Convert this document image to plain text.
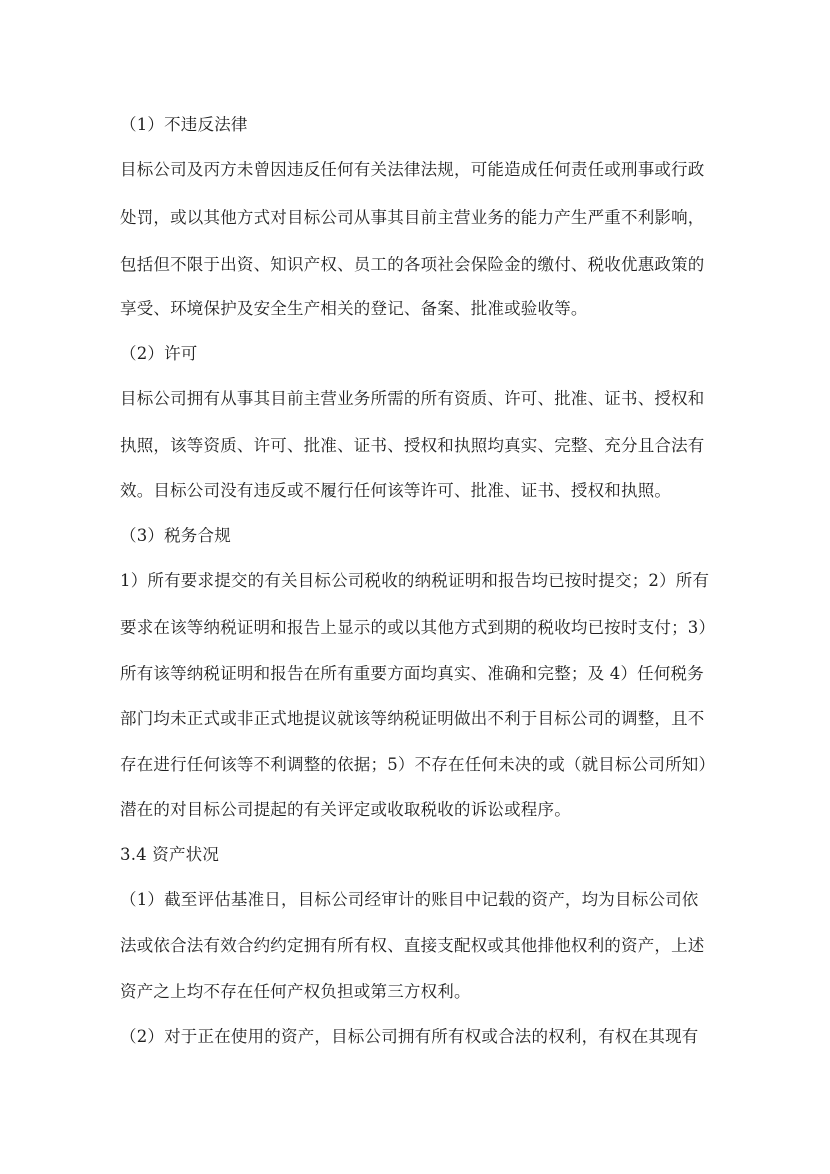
（1）不违反法律
目标公司及丙方未曾因违反任何有关法律法规，可能造成任何责任或刑事或行政
处罚，或以其他方式对目标公司从事其目前主营业务的能力产生严重不利影响，
包括但不限于出资、知识产权、员工的各项社会保险金的缴付、税收优惠政策的
享受、环境保护及安全生产相关的登记、备案、批准或验收等。
（2）许可
目标公司拥有从事其目前主营业务所需的所有资质、许可、批准、证书、授权和
执照，该等资质、许可、批准、证书、授权和执照均真实、完整、充分且合法有
效。目标公司没有违反或不履行任何该等许可、批准、证书、授权和执照。
（3）税务合规
1）所有要求提交的有关目标公司税收的纳税证明和报告均已按时提交；2）所有
要求在该等纳税证明和报告上显示的或以其他方式到期的税收均已按时支付；3）
所有该等纳税证明和报告在所有重要方面均真实、准确和完整；及 4）任何税务
部门均未正式或非正式地提议就该等纳税证明做出不利于目标公司的调整，且不
存在进行任何该等不利调整的依据；5）不存在任何未决的或（就目标公司所知）
潜在的对目标公司提起的有关评定或收取税收的诉讼或程序。
3.4 资产状况
（1）截至评估基准日，目标公司经审计的账目中记载的资产，均为目标公司依
法或依合法有效合约约定拥有所有权、直接支配权或其他排他权利的资产，上述
资产之上均不存在任何产权负担或第三方权利。
（2）对于正在使用的资产，目标公司拥有所有权或合法的权利，有权在其现有
